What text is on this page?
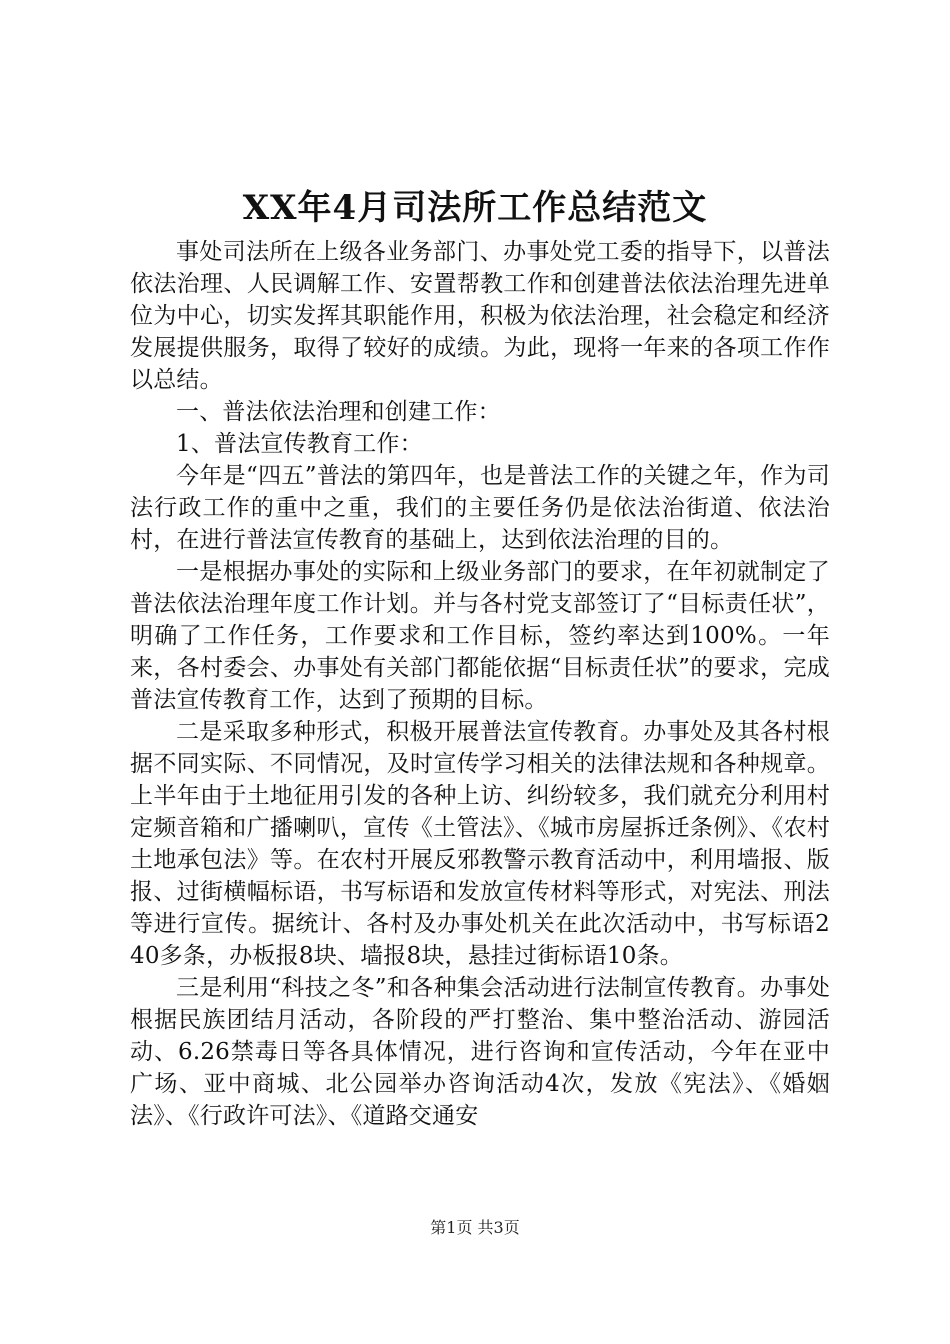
XX年4月司法所工作总结范文

事处司法所在上级各业务部门、办事处党工委的指导下，以普法依法治理、人民调解工作、安置帮教工作和创建普法依法治理先进单位为中心，切实发挥其职能作用，积极为依法治理，社会稳定和经济发展提供服务，取得了较好的成绩。为此，现将一年来的各项工作作以总结。

一、普法依法治理和创建工作：

1、普法宣传教育工作：

今年是“四五”普法的第四年，也是普法工作的关键之年，作为司法行政工作的重中之重，我们的主要任务仍是依法治街道、依法治村，在进行普法宣传教育的基础上，达到依法治理的目的。

一是根据办事处的实际和上级业务部门的要求，在年初就制定了普法依法治理年度工作计划。并与各村党支部签订了“目标责任状”，明确了工作任务，工作要求和工作目标，签约率达到100%。一年来，各村委会、办事处有关部门都能依据“目标责任状”的要求，完成普法宣传教育工作，达到了预期的目标。

二是采取多种形式，积极开展普法宣传教育。办事处及其各村根据不同实际、不同情况，及时宣传学习相关的法律法规和各种规章。上半年由于土地征用引发的各种上访、纠纷较多，我们就充分利用村定频音箱和广播喇叭，宣传《土管法》、《城市房屋拆迁条例》、《农村土地承包法》等。在农村开展反邪教警示教育活动中，利用墙报、版报、过街横幅标语，书写标语和发放宣传材料等形式，对宪法、刑法等进行宣传。据统计、各村及办事处机关在此次活动中，书写标语240多条，办板报8块、墙报8块，悬挂过街标语10条。

三是利用“科技之冬”和各种集会活动进行法制宣传教育。办事处根据民族团结月活动，各阶段的严打整治、集中整治活动、游园活动、6.26禁毒日等各具体情况，进行咨询和宣传活动，今年在亚中广场、亚中商城、北公园举办咨询活动4次，发放《宪法》、《婚姻法》、《行政许可法》、《道路交通安

第1页 共3页
